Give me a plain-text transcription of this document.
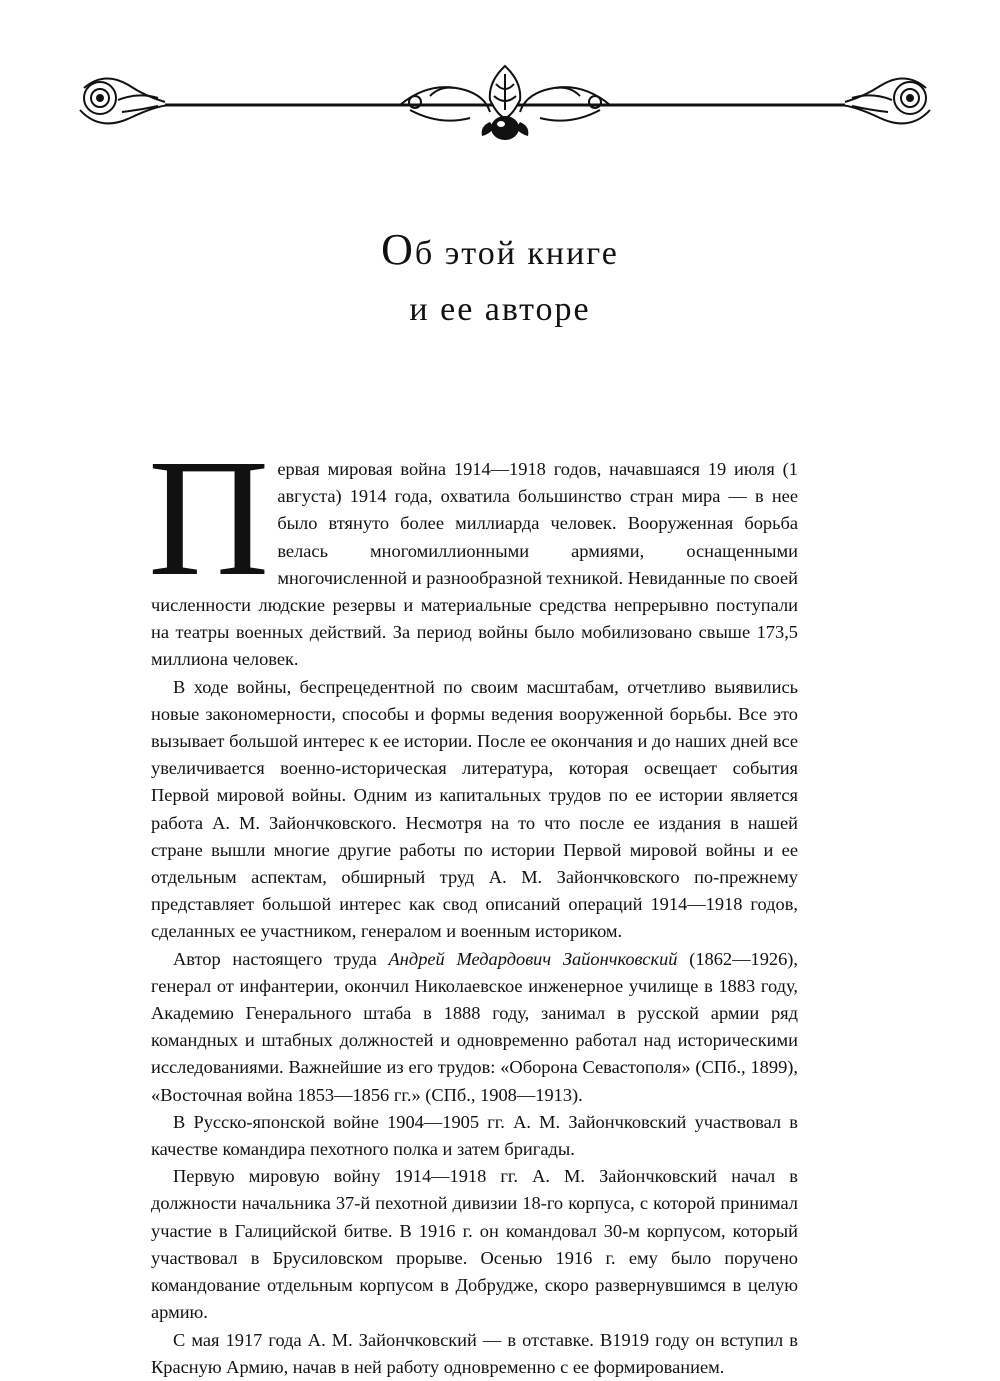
Об этой книге
и ее авторе

Первая мировая война 1914—1918 годов, начавшаяся 19 июля (1 августа) 1914 года, охватила большинство стран мира — в нее было втянуто более миллиарда человек. Вооруженная борьба велась многомиллионными армиями, оснащенными многочисленной и разнообразной техникой. Невиданные по своей численности людские резервы и материальные средства непрерывно поступали на театры военных действий. За период войны было мобилизовано свыше 173,5 миллиона человек.

В ходе войны, беспрецедентной по своим масштабам, отчетливо выявились новые закономерности, способы и формы ведения вооруженной борьбы. Все это вызывает большой интерес к ее истории. После ее окончания и до наших дней все увеличивается военно-историческая литература, которая освещает события Первой мировой войны. Одним из капитальных трудов по ее истории является работа А. М. Зайончковского. Несмотря на то что после ее издания в нашей стране вышли многие другие работы по истории Первой мировой войны и ее отдельным аспектам, обширный труд А. М. Зайончковского по-прежнему представляет большой интерес как свод описаний операций 1914—1918 годов, сделанных ее участником, генералом и военным историком.

Автор настоящего труда Андрей Медардович Зайончковский (1862—1926), генерал от инфантерии, окончил Николаевское инженерное училище в 1883 году, Академию Генерального штаба в 1888 году, занимал в русской армии ряд командных и штабных должностей и одновременно работал над историческими исследованиями. Важнейшие из его трудов: «Оборона Севастополя» (СПб., 1899), «Восточная война 1853—1856 гг.» (СПб., 1908—1913).

В Русско-японской войне 1904—1905 гг. А. М. Зайончковский участвовал в качестве командира пехотного полка и затем бригады.

Первую мировую войну 1914—1918 гг. А. М. Зайончковский начал в должности начальника 37-й пехотной дивизии 18-го корпуса, с которой принимал участие в Галицийской битве. В 1916 г. он командовал 30-м корпусом, который участвовал в Брусиловском прорыве. Осенью 1916 г. ему было поручено командование отдельным корпусом в Добрудже, скоро развернувшимся в целую армию.

С мая 1917 года А. М. Зайончковский — в отставке. В1919 году он вступил в Красную Армию, начав в ней работу одновременно с ее формированием.
